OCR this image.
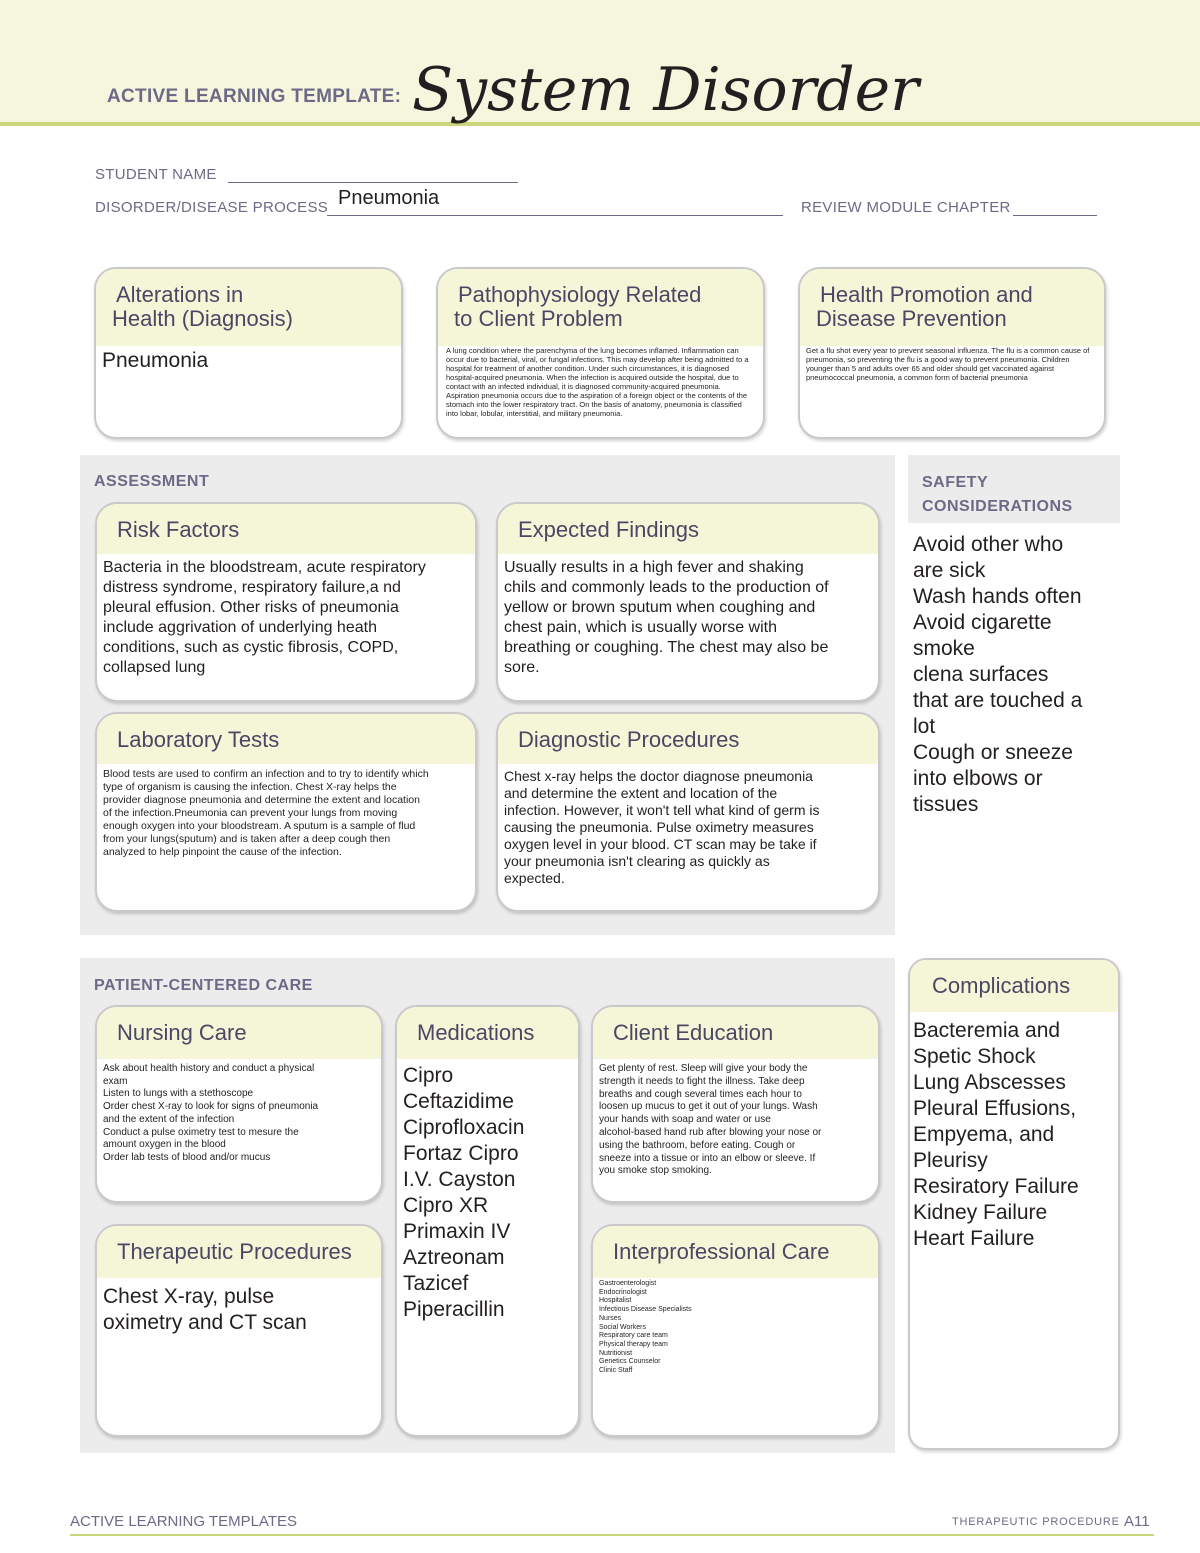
ACTIVE LEARNING TEMPLATE: System Disorder
STUDENT NAME
DISORDER/DISEASE PROCESS Pneumonia	REVIEW MODULE CHAPTER
Alterations in
Health (Diagnosis)
Pneumonia
Pathophysiology Related
to Client Problem
A lung condition where the parenchyma of the lung becomes inflamed. Inflammation can occur due to bacterial, viral, or fungal infections. This may develop after being admitted to a hospital for treatment of another condition. Under such circumstances, it is diagnosed hospital-acquired pneumonia. When the infection is acquired outside the hospital, due to contact with an infected individual, it is diagnosed community-acquired pneumonia. Aspiration pneumonia occurs due to the aspiration of a foreign object or the contents of the stomach into the lower respiratory tract. On the basis of anatomy, pneumonia is classified into lobar, lobular, interstitial, and military pneumonia.
Health Promotion and
Disease Prevention
Get a flu shot every year to prevent seasonal influenza. The flu is a common cause of pneumonia, so preventing the flu is a good way to prevent pneumonia. Children younger than 5 and adults over 65 and older should get vaccinated against pneumococcal pneumonia, a common form of bacterial pneumonia
ASSESSMENT
Risk Factors
Bacteria in the bloodstream, acute respiratory
distress syndrome, respiratory failure,a nd
pleural effusion. Other risks of pneumonia
include aggrivation of underlying heath
conditions, such as cystic fibrosis, COPD,
collapsed lung
Expected Findings
Usually results in a high fever and shaking
chils and commonly leads to the production of
yellow or brown sputum when coughing and
chest pain, which is usually worse with
breathing or coughing. The chest may also be
sore.
Laboratory Tests
Blood tests are used to confirm an infection and to try to identify which
type of organism is causing the infection. Chest X-ray helps the
provider diagnose pneumonia and determine the extent and location
of the infection.Pneumonia can prevent your lungs from moving
enough oxygen into your bloodstream. A sputum is a sample of flud
from your lungs(sputum) and is taken after a deep cough then
analyzed to help pinpoint the cause of the infection.
Diagnostic Procedures
Chest x-ray helps the doctor diagnose pneumonia
and determine the extent and location of the
infection. However, it won't tell what kind of germ is
causing the pneumonia. Pulse oximetry measures
oxygen level in your blood. CT scan may be take if
your pneumonia isn't clearing as quickly as
expected.
SAFETY
CONSIDERATIONS
Avoid other who
are sick
Wash hands often
Avoid cigarette
smoke
clena surfaces
that are touched a
lot
Cough or sneeze
into elbows or
tissues
PATIENT-CENTERED CARE
Nursing Care
Ask about health history and conduct a physical
exam
Listen to lungs with a stethoscope
Order chest X-ray to look for signs of pneumonia
and the extent of the infection
Conduct a pulse oximetry test to mesure the
amount oxygen in the blood
Order lab tests of blood and/or mucus
Medications
Cipro
Ceftazidime
Ciprofloxacin
Fortaz Cipro
I.V. Cayston
Cipro XR
Primaxin IV
Aztreonam
Tazicef
Piperacillin
Client Education
Get plenty of rest. Sleep will give your body the
strength it needs to fight the illness. Take deep
breaths and cough several times each hour to
loosen up mucus to get it out of your lungs. Wash
your hands with soap and water or use
alcohol-based hand rub after blowing your nose or
using the bathroom, before eating. Cough or
sneeze into a tissue or into an elbow or sleeve. If
you smoke stop smoking.
Therapeutic Procedures
Chest X-ray, pulse
oximetry and CT scan
Interprofessional Care
Gastroenterologist
Endocrinologist
Hospitalist
Infectious Disease Specialists
Nurses
Social Workers
Respiratory care team
Physical therapy team
Nutritionist
Genetics Counselor
Clinic Staff
Complications
Bacteremia and
Spetic Shock
Lung Abscesses
Pleural Effusions,
Empyema, and
Pleurisy
Resiratory Failure
Kidney Failure
Heart Failure
ACTIVE LEARNING TEMPLATES	THERAPEUTIC PROCEDURE A11
